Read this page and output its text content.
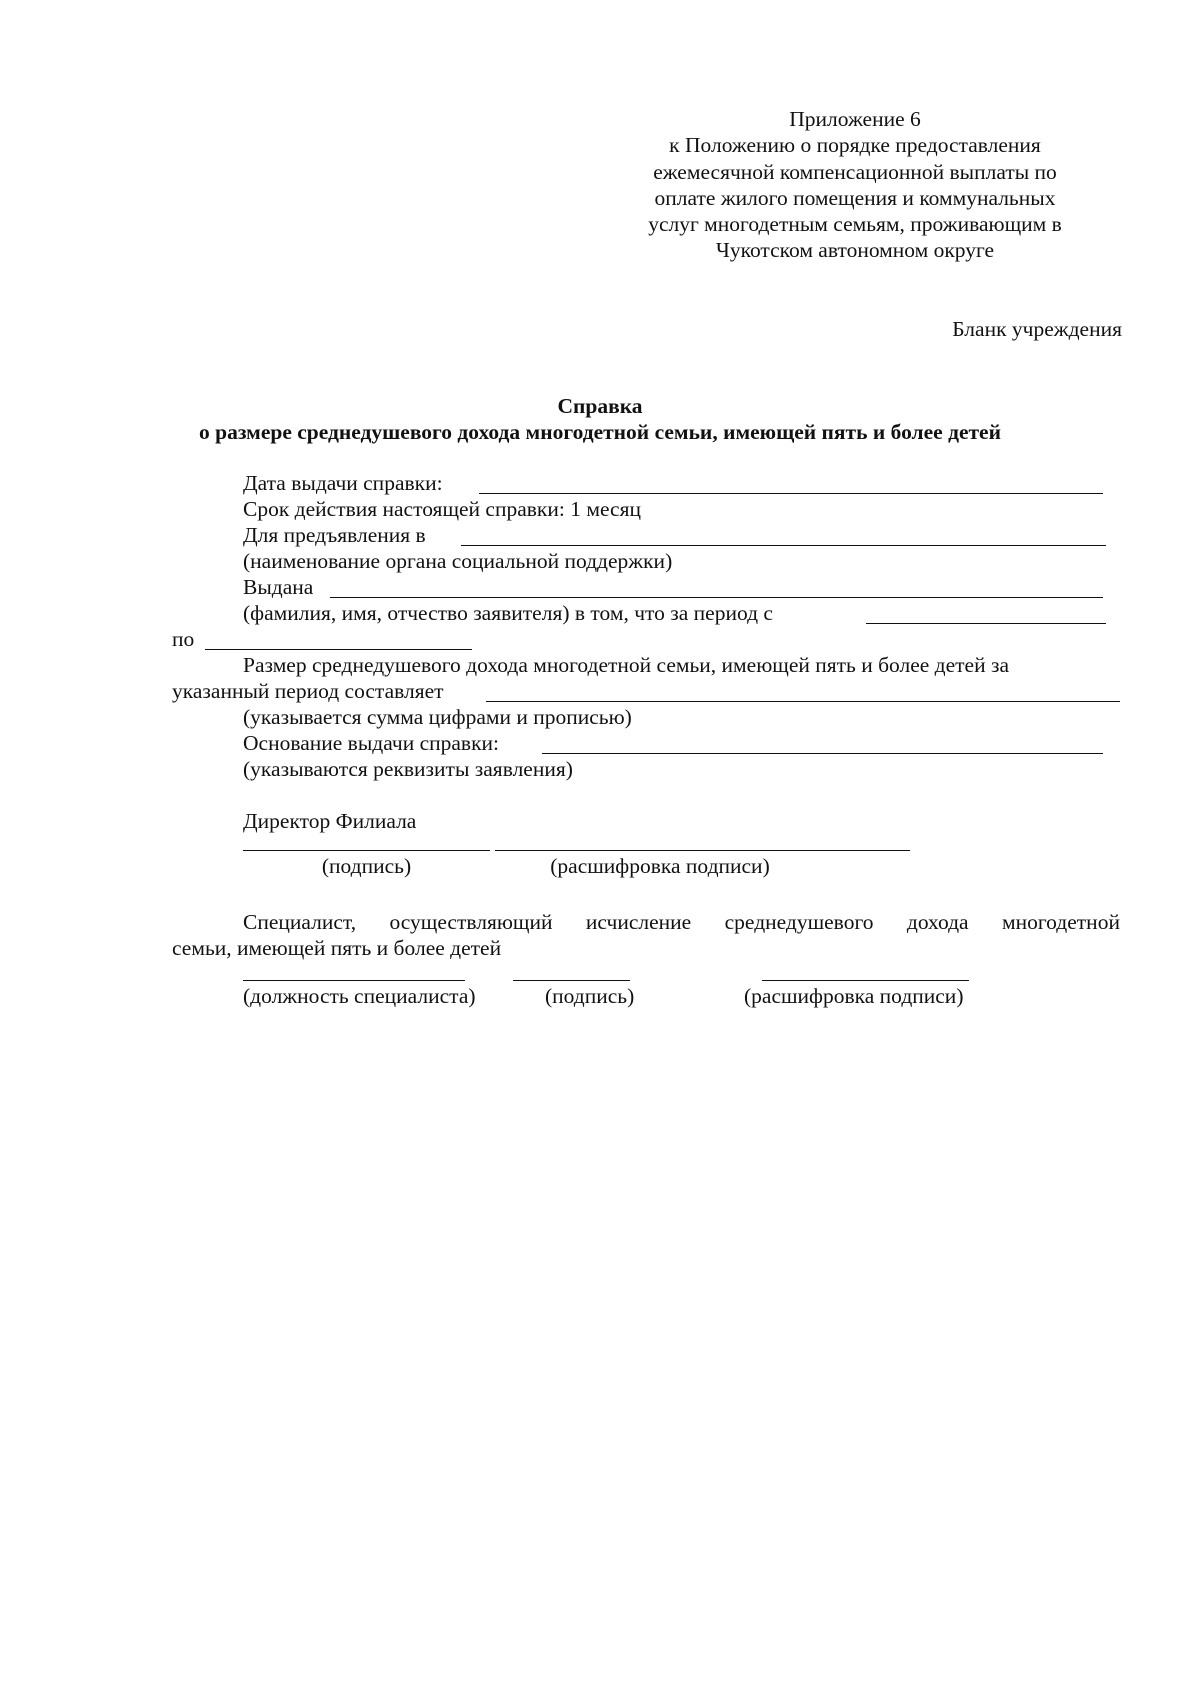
Приложение 6
к Положению о порядке предоставления
ежемесячной компенсационной выплаты по
оплате жилого помещения и коммунальных
услуг многодетным семьям, проживающим в
Чукотском автономном округе
Бланк учреждения
Справка
о размере среднедушевого дохода многодетной семьи, имеющей пять и более детей
Дата выдачи справки:
Срок действия настоящей справки: 1 месяц
Для предъявления в
(наименование органа социальной поддержки)
Выдана
(фамилия, имя, отчество заявителя) в том, что за период с
по
Размер среднедушевого дохода многодетной семьи, имеющей пять и более детей за
указанный период составляет
(указывается сумма цифрами и прописью)
Основание выдачи справки:
(указываются реквизиты заявления)
Директор Филиала
(подпись)	(расшифровка подписи)
Специалист, осуществляющий исчисление среднедушевого дохода многодетной
семьи, имеющей пять и более детей
(должность специалиста)	(подпись)	(расшифровка подписи)
